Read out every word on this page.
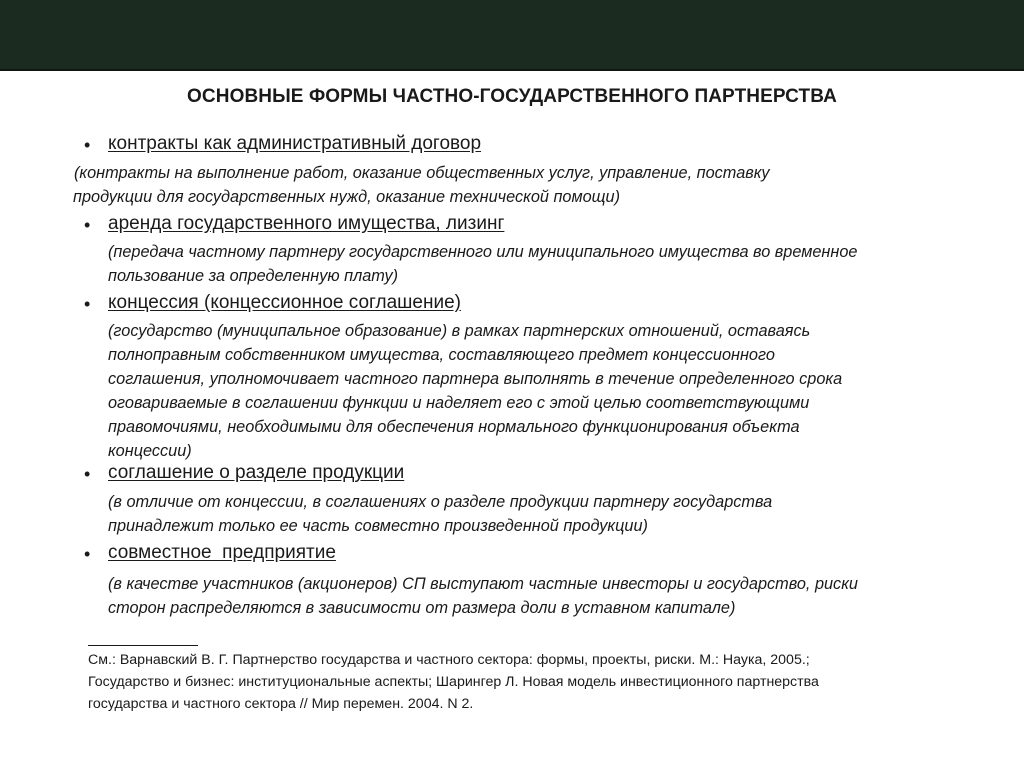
ОСНОВНЫЕ ФОРМЫ ЧАСТНО-ГОСУДАРСТВЕННОГО ПАРТНЕРСТВА
• контракты как административный договор

(контракты на выполнение работ, оказание общественных услуг, управление, поставку
продукции для государственных нужд, оказание технической помощи)

• аренда государственного имущества, лизинг

(передача частному партнеру государственного или муниципального имущества во временное
пользование за определенную плату)

• концессия (концессионное соглашение)

(государство (муниципальное образование) в рамках партнерских отношений, оставаясь
полноправным собственником имущества, составляющего предмет концессионного
соглашения, уполномочивает частного партнера выполнять в течение определенного срока
оговариваемые в соглашении функции и наделяет его с этой целью соответствующими
правомочиями, необходимыми для обеспечения нормального функционирования объекта
концессии)

• соглашение о разделе продукции

(в отличие от концессии, в соглашениях о разделе продукции партнеру государства
принадлежит только ее часть совместно произведенной продукции)

• совместное  предприятие

(в качестве участников (акционеров) СП выступают частные инвесторы и государство, риски
сторон распределяются в зависимости от размера доли в уставном капитале)

См.: Варнавский В. Г. Партнерство государства и частного сектора: формы, проекты, риски. М.: Наука, 2005.;
Государство и бизнес: институциональные аспекты; Шарингер Л. Новая модель инвестиционного партнерства
государства и частного сектора // Мир перемен. 2004. N 2.
